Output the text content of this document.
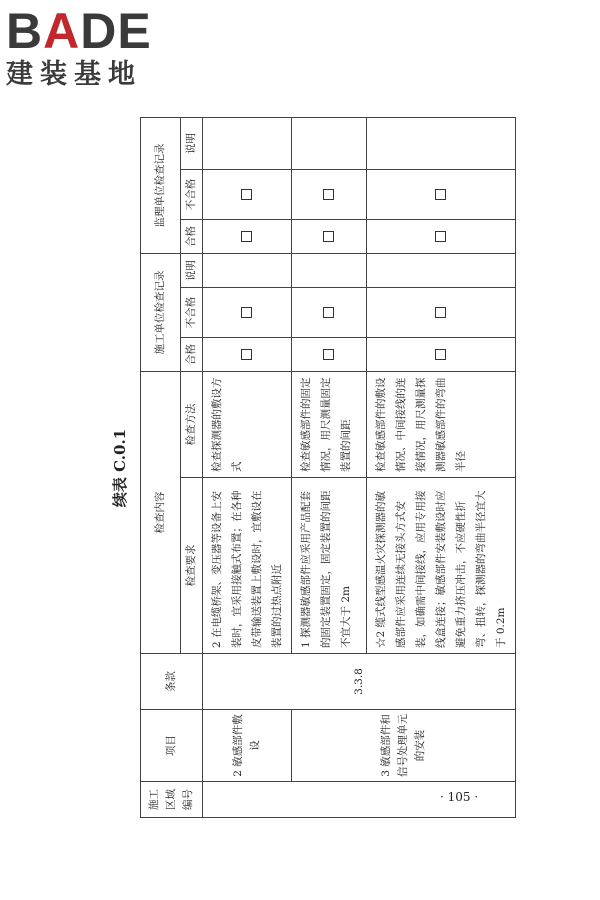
BADE
建装基地
续表 C.0.1
施工区域编号	项目	条款	检查内容		施工单位检查记录			监理单位检查记录		
			检查要求	检查方法	合格	不合格	说明	合格	不合格	说明
	2 敏感部件敷设	3.3.8	2 在电缆桥架、变压器等设备上安装时，宜采用接触式布置；在各种皮带输送装置上敷设时，宜敷设在装置的过热点附近	检查探测器的敷设方式						
	3 敏感部件和信号处理单元的安装		1 探测器敏感部件应采用产品配套的固定装置固定，固定装置的间距不宜大于 2m	检查敏感部件的固定情况，用尺测量固定装置的间距						
			☆2 缆式线型感温火灾探测器的敏感部件应采用连续无接头方式安装，如确需中间接线，应用专用接线盒连接；敏感部件安装敷设时应避免重力挤压冲击，不应硬性折弯、扭转，探测器的弯曲半径宜大于 0.2m	检查敏感部件的敷设情况、中间接线的连接情况，用尺测量探测器敏感部件的弯曲半径						
· 105 ·
